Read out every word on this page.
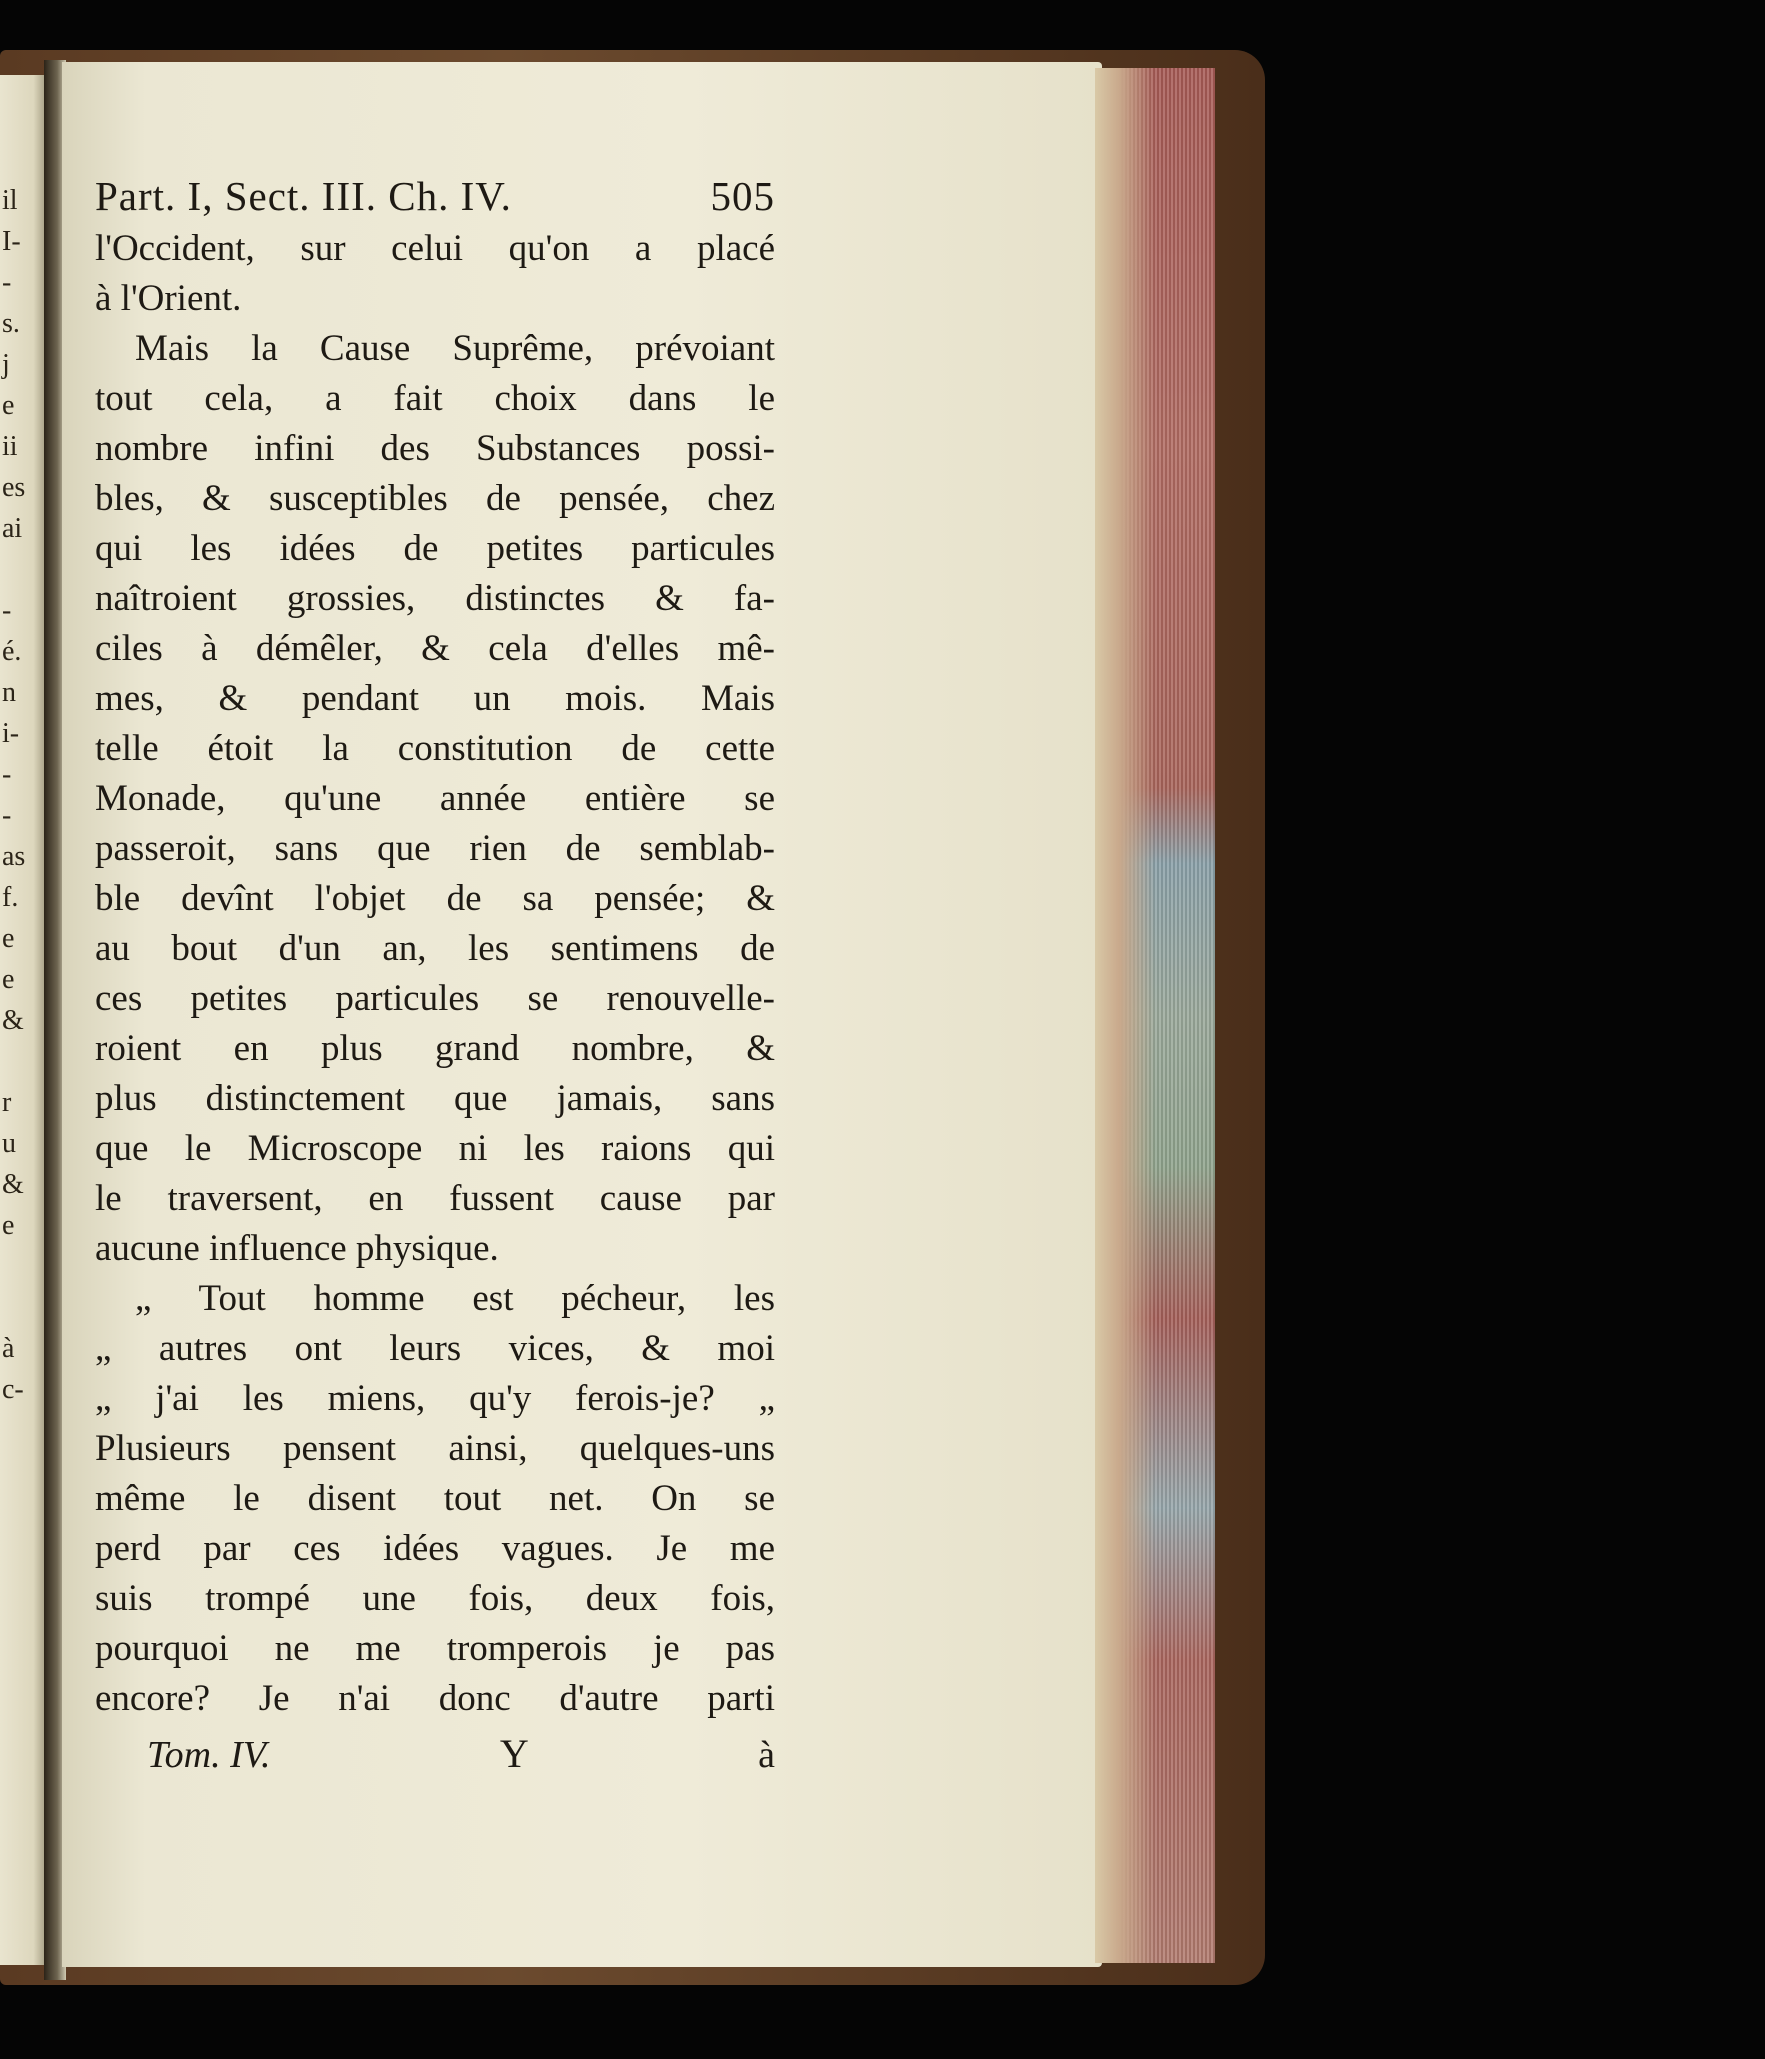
il
I-
-
s.
j
e
ii
es
ai

-
é.
n
i-
-
-
as
f.
e
e
&

r
u
&
e

à
c-
Part. I, Sect. III. Ch. IV.	505
l'Occident, sur celui qu'on a placé
à l'Orient.
Mais la Cause Suprême, prévoiant
tout cela, a fait choix dans le
nombre infini des Substances possi-
bles, & susceptibles de pensée, chez
qui les idées de petites particules
naîtroient grossies, distinctes & fa-
ciles à démêler, & cela d'elles mê-
mes, & pendant un mois. Mais
telle étoit la constitution de cette
Monade, qu'une année entière se
passeroit, sans que rien de semblab-
ble devînt l'objet de sa pensée; &
au bout d'un an, les sentimens de
ces petites particules se renouvelle-
roient en plus grand nombre, &
plus distinctement que jamais, sans
que le Microscope ni les raions qui
le traversent, en fussent cause par
aucune influence physique.
„ Tout homme est pécheur, les
„ autres ont leurs vices, & moi
„ j'ai les miens, qu'y ferois-je? „
Plusieurs pensent ainsi, quelques-uns
même le disent tout net. On se
perd par ces idées vagues. Je me
suis trompé une fois, deux fois,
pourquoi ne me tromperois je pas
encore? Je n'ai donc d'autre parti
Tom. IV.	Y	à
